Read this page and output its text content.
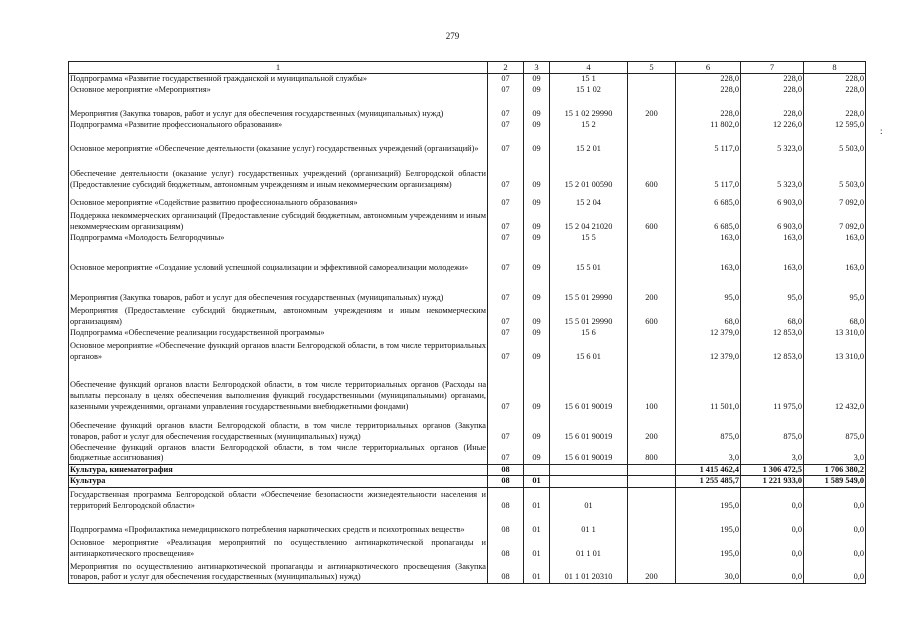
279
:
1	2	3	4	5	6	7	8
Подпрограмма «Развитие государственной гражданской и муниципальной службы»	07	09	15 1		228,0	228,0	228,0
Основное мероприятие «Мероприятия»	07	09	15 1 02		228,0	228,0	228,0
Мероприятия (Закупка товаров, работ и услуг для обеспечения государственных (муниципальных) нужд)	07	09	15 1 02 29990	200	228,0	228,0	228,0
Подпрограмма «Развитие профессионального образования»	07	09	15 2		11 802,0	12 226,0	12 595,0
Основное мероприятие «Обеспечение деятельности (оказание услуг) государственных учреждений (организаций)»	07	09	15 2 01		5 117,0	5 323,0	5 503,0
Обеспечение деятельности (оказание услуг) государственных учреждений (организаций) Белгородской области (Предоставление субсидий бюджетным, автономным учреждениям и иным некоммерческим организациям)	07	09	15 2 01 00590	600	5 117,0	5 323,0	5 503,0
Основное мероприятие «Содействие развитию профессионального образования»	07	09	15 2 04		6 685,0	6 903,0	7 092,0
Поддержка некоммерческих организаций (Предоставление субсидий бюджетным, автономным учреждениям и иным некоммерческим организациям)	07	09	15 2 04 21020	600	6 685,0	6 903,0	7 092,0
Подпрограмма «Молодость Белгородчины»	07	09	15 5		163,0	163,0	163,0
Основное мероприятие «Создание условий успешной социализации и эффективной самореализации молодежи»	07	09	15 5 01		163,0	163,0	163,0
Мероприятия (Закупка товаров, работ и услуг для обеспечения государственных (муниципальных) нужд)	07	09	15 5 01 29990	200	95,0	95,0	95,0
Мероприятия (Предоставление субсидий бюджетным, автономным учреждениям и иным некоммерческим организациям)	07	09	15 5 01 29990	600	68,0	68,0	68,0
Подпрограмма «Обеспечение реализации государственной программы»	07	09	15 6		12 379,0	12 853,0	13 310,0
Основное мероприятие «Обеспечение функций органов власти Белгородской области, в том числе территориальных органов»	07	09	15 6 01		12 379,0	12 853,0	13 310,0
Обеспечение функций органов власти Белгородской области, в том числе территориальных органов (Расходы на выплаты персоналу в целях обеспечения выполнения функций государственными (муниципальными) органами, казенными учреждениями, органами управления государственными внебюджетными фондами)	07	09	15 6 01 90019	100	11 501,0	11 975,0	12 432,0
Обеспечение функций органов власти Белгородской области, в том числе территориальных органов (Закупка товаров, работ и услуг для обеспечения государственных (муниципальных) нужд)	07	09	15 6 01 90019	200	875,0	875,0	875,0
Обеспечение функций органов власти Белгородской области, в том числе территориальных органов (Иные бюджетные ассигнования)	07	09	15 6 01 90019	800	3,0	3,0	3,0
Культура, кинематография	08				1 415 462,4	1 306 472,5	1 706 380,2
Культура	08	01			1 255 485,7	1 221 933,0	1 589 549,0
Государственная программа Белгородской области «Обеспечение безопасности жизнедеятельности населения и территорий Белгородской области»	08	01	01		195,0	0,0	0,0
Подпрограмма «Профилактика немедицинского потребления наркотических средств и психотропных веществ»	08	01	01 1		195,0	0,0	0,0
Основное мероприятие «Реализация мероприятий по осуществлению антинаркотической пропаганды и антинаркотического просвещения»	08	01	01 1 01		195,0	0,0	0,0
Мероприятия по осуществлению антинаркотической пропаганды и антинаркотического просвещения (Закупка товаров, работ и услуг для обеспечения государственных (муниципальных) нужд)	08	01	01 1 01 20310	200	30,0	0,0	0,0
